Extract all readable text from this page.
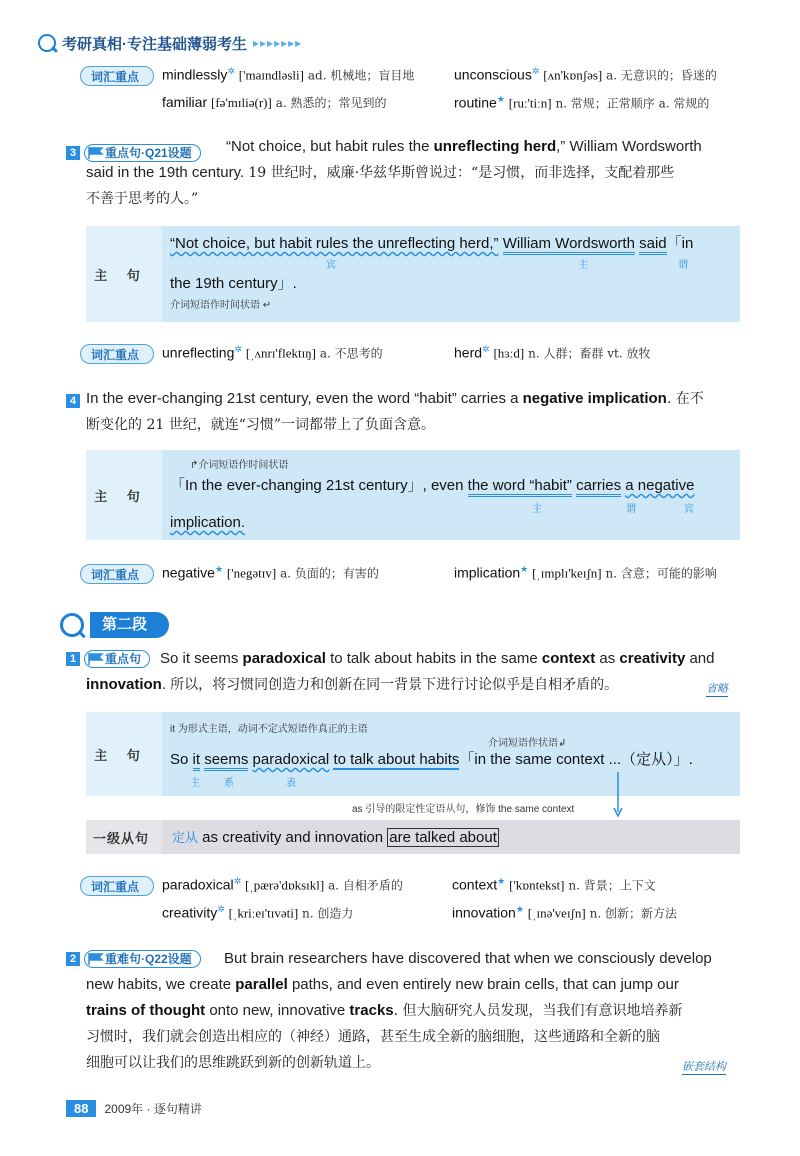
考研真相·专注基础薄弱考生 ▸▸▸▸▸▸▸
词汇重点	mindlessly✲ ['maɪndləsli] ad. 机械地；盲目地	unconscious✲ [ʌn'kɒnʃəs] a. 无意识的；昏迷的
familiar [fə'mɪliə(r)] a. 熟悉的；常见到的	routine★ [ruː'tiːn] n. 常规；正常顺序 a. 常规的
3	重点句·Q21设题	“Not choice, but habit rules the unreflecting herd,” William Wordsworth
said in the 19th century. 19 世纪时，威廉·华兹华斯曾说过：“是习惯，而非选择，支配着那些
不善于思考的人。”
主 句
“Not choice, but habit rules the unreflecting herd,” William Wordsworth said「in
宾	主	谓
the 19th century」.
介词短语作时间状语 ↵
词汇重点	unreflecting✲ [ˌʌnrɪ'flektɪŋ] a. 不思考的	herd✲ [hɜːd] n. 人群；畜群 vt. 放牧
4 In the ever-changing 21st century, even the word “habit” carries a negative implication. 在不
断变化的 21 世纪，就连“习惯”一词都带上了负面含意。
主 句
↱介词短语作时间状语
「In the ever-changing 21st century」, even the word “habit” carries a negative
主	谓	宾
implication.
词汇重点	negative★ ['negətɪv] a. 负面的；有害的	implication★ [ˌɪmplɪ'keɪʃn] n. 含意；可能的影响
第二段
1	重点句	So it seems paradoxical to talk about habits in the same context as creativity and
innovation. 所以，将习惯同创造力和创新在同一背景下进行讨论似乎是自相矛盾的。	省略
主 句
it 为形式主语，动词不定式短语作真正的主语
介词短语作状语↲
So it seems paradoxical to talk about habits「in the same context ...（定从）」.
主 系	表
as 引导的限定性定语从句，修饰 the same context
一级从句	定从 as creativity and innovation are talked about
词汇重点	paradoxical✲ [ˌpærə'dɒksɪkl] a. 自相矛盾的	context★ ['kɒntekst] n. 背景；上下文
creativity✲ [ˌkriːeɪ'tɪvəti] n. 创造力	innovation★ [ˌɪnə'veɪʃn] n. 创新；新方法
2	重难句·Q22设题	But brain researchers have discovered that when we consciously develop
new habits, we create parallel paths, and even entirely new brain cells, that can jump our
trains of thought onto new, innovative tracks. 但大脑研究人员发现，当我们有意识地培养新
习惯时，我们就会创造出相应的（神经）通路，甚至生成全新的脑细胞，这些通路和全新的脑
细胞可以让我们的思维跳跃到新的创新轨道上。	嵌套结构
88	2009年 · 逐句精讲
